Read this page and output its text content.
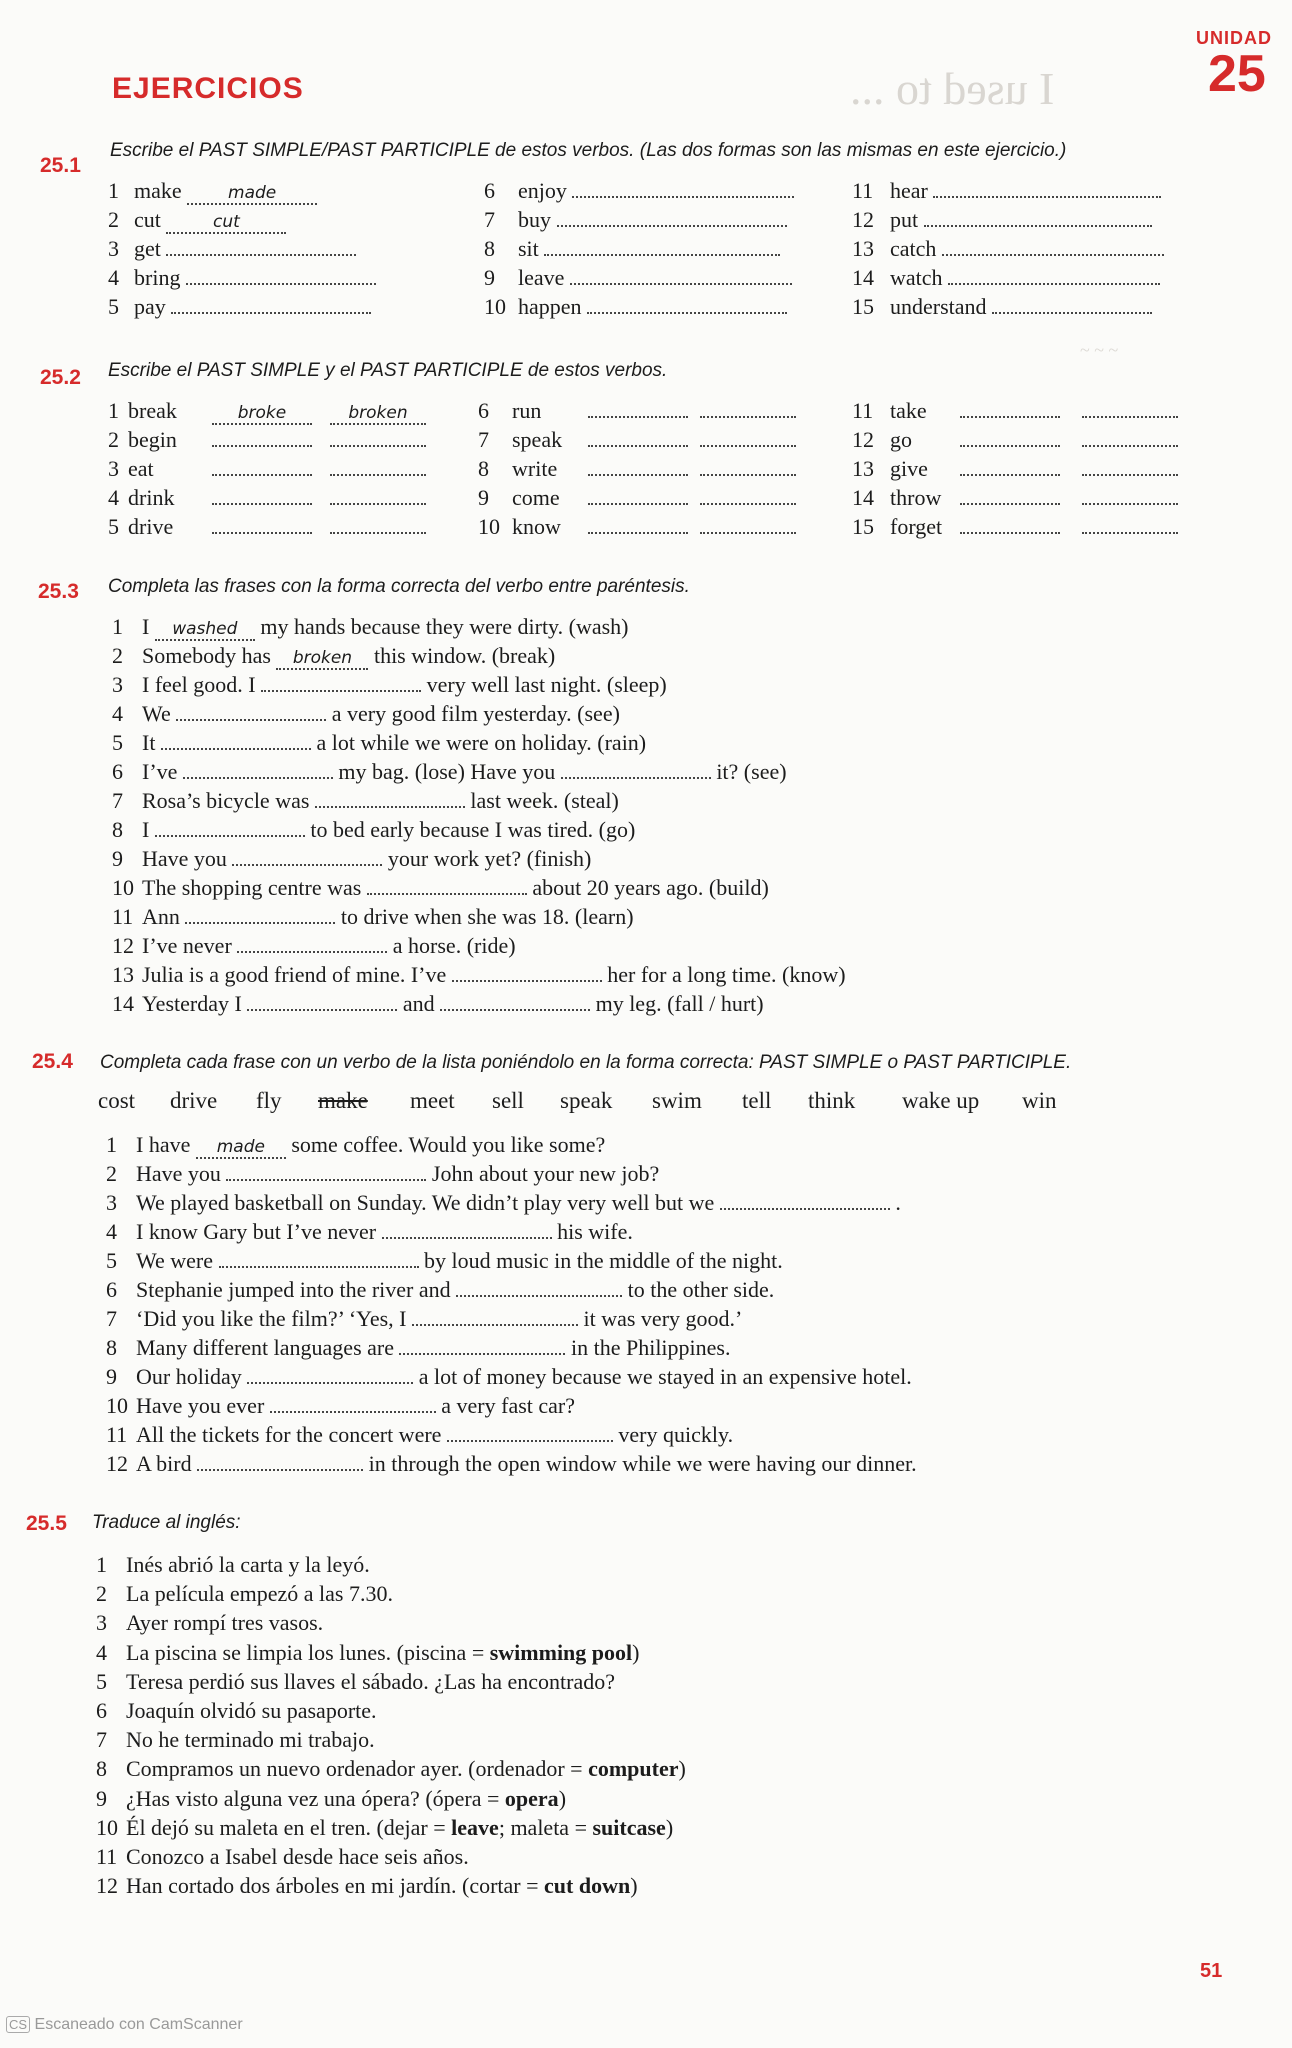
UNIDAD
25
I used to ...
EJERCICIOS
~ ~ ~
25.1
Escribe el PAST SIMPLE/PAST PARTICIPLE de estos verbos. (Las dos formas son las mismas en este ejercicio.)
1 make made
2 cut	cut
3 get
4 bring
5 pay
6 enjoy
7 buy
8 sit
9 leave
10 happen
11 hear
12 put
13 catch
14 watch
15 understand
25.2 Escribe el PAST SIMPLE y el PAST PARTICIPLE de estos verbos.
1 break	broke	broken
2 begin
3 eat
4 drink
5 drive
6 run
7 speak
8 write
9 come
10 know
11 take
12 go
13 give
14 throw
15 forget
25.3 Completa las frases con la forma correcta del verbo entre paréntesis.
1 I washed my hands because they were dirty. (wash)
2 Somebody has broken this window. (break)
3 I feel good. I	very well last night. (sleep)
4 We	a very good film yesterday. (see)
5 It	a lot while we were on holiday. (rain)
6 I’ve	my bag. (lose) Have you	it? (see)
7 Rosa’s bicycle was	last week. (steal)
8 I	to bed early because I was tired. (go)
9 Have you	your work yet? (finish)
10 The shopping centre was	about 20 years ago. (build)
11 Ann	to drive when she was 18. (learn)
12 I’ve never	a horse. (ride)
13 Julia is a good friend of mine. I’ve	her for a long time. (know)
14 Yesterday I	and	my leg. (fall / hurt)
25.4 Completa cada frase con un verbo de la lista poniéndolo en la forma correcta: PAST SIMPLE o PAST PARTICIPLE.
cost drive fly make meet sell speak swim tell think wake up win
1 I have made some coffee. Would you like some?
2 Have you	John about your new job?
3 We played basketball on Sunday. We didn’t play very well but we	.
4 I know Gary but I’ve never	his wife.
5 We were	by loud music in the middle of the night.
6 Stephanie jumped into the river and	to the other side.
7 ‘Did you like the film?’ ‘Yes, I	it was very good.’
8 Many different languages are	in the Philippines.
9 Our holiday	a lot of money because we stayed in an expensive hotel.
10 Have you ever	a very fast car?
11 All the tickets for the concert were	very quickly.
12 A bird	in through the open window while we were having our dinner.
25.5 Traduce al inglés:
1 Inés abrió la carta y la leyó.
2 La película empezó a las 7.30.
3 Ayer rompí tres vasos.
4 La piscina se limpia los lunes. (piscina = swimming pool)
5 Teresa perdió sus llaves el sábado. ¿Las ha encontrado?
6 Joaquín olvidó su pasaporte.
7 No he terminado mi trabajo.
8 Compramos un nuevo ordenador ayer. (ordenador = computer)
9 ¿Has visto alguna vez una ópera? (ópera = opera)
10 Él dejó su maleta en el tren. (dejar = leave; maleta = suitcase)
11 Conozco a Isabel desde hace seis años.
12 Han cortado dos árboles en mi jardín. (cortar = cut down)
CS Escaneado con CamScanner
51
